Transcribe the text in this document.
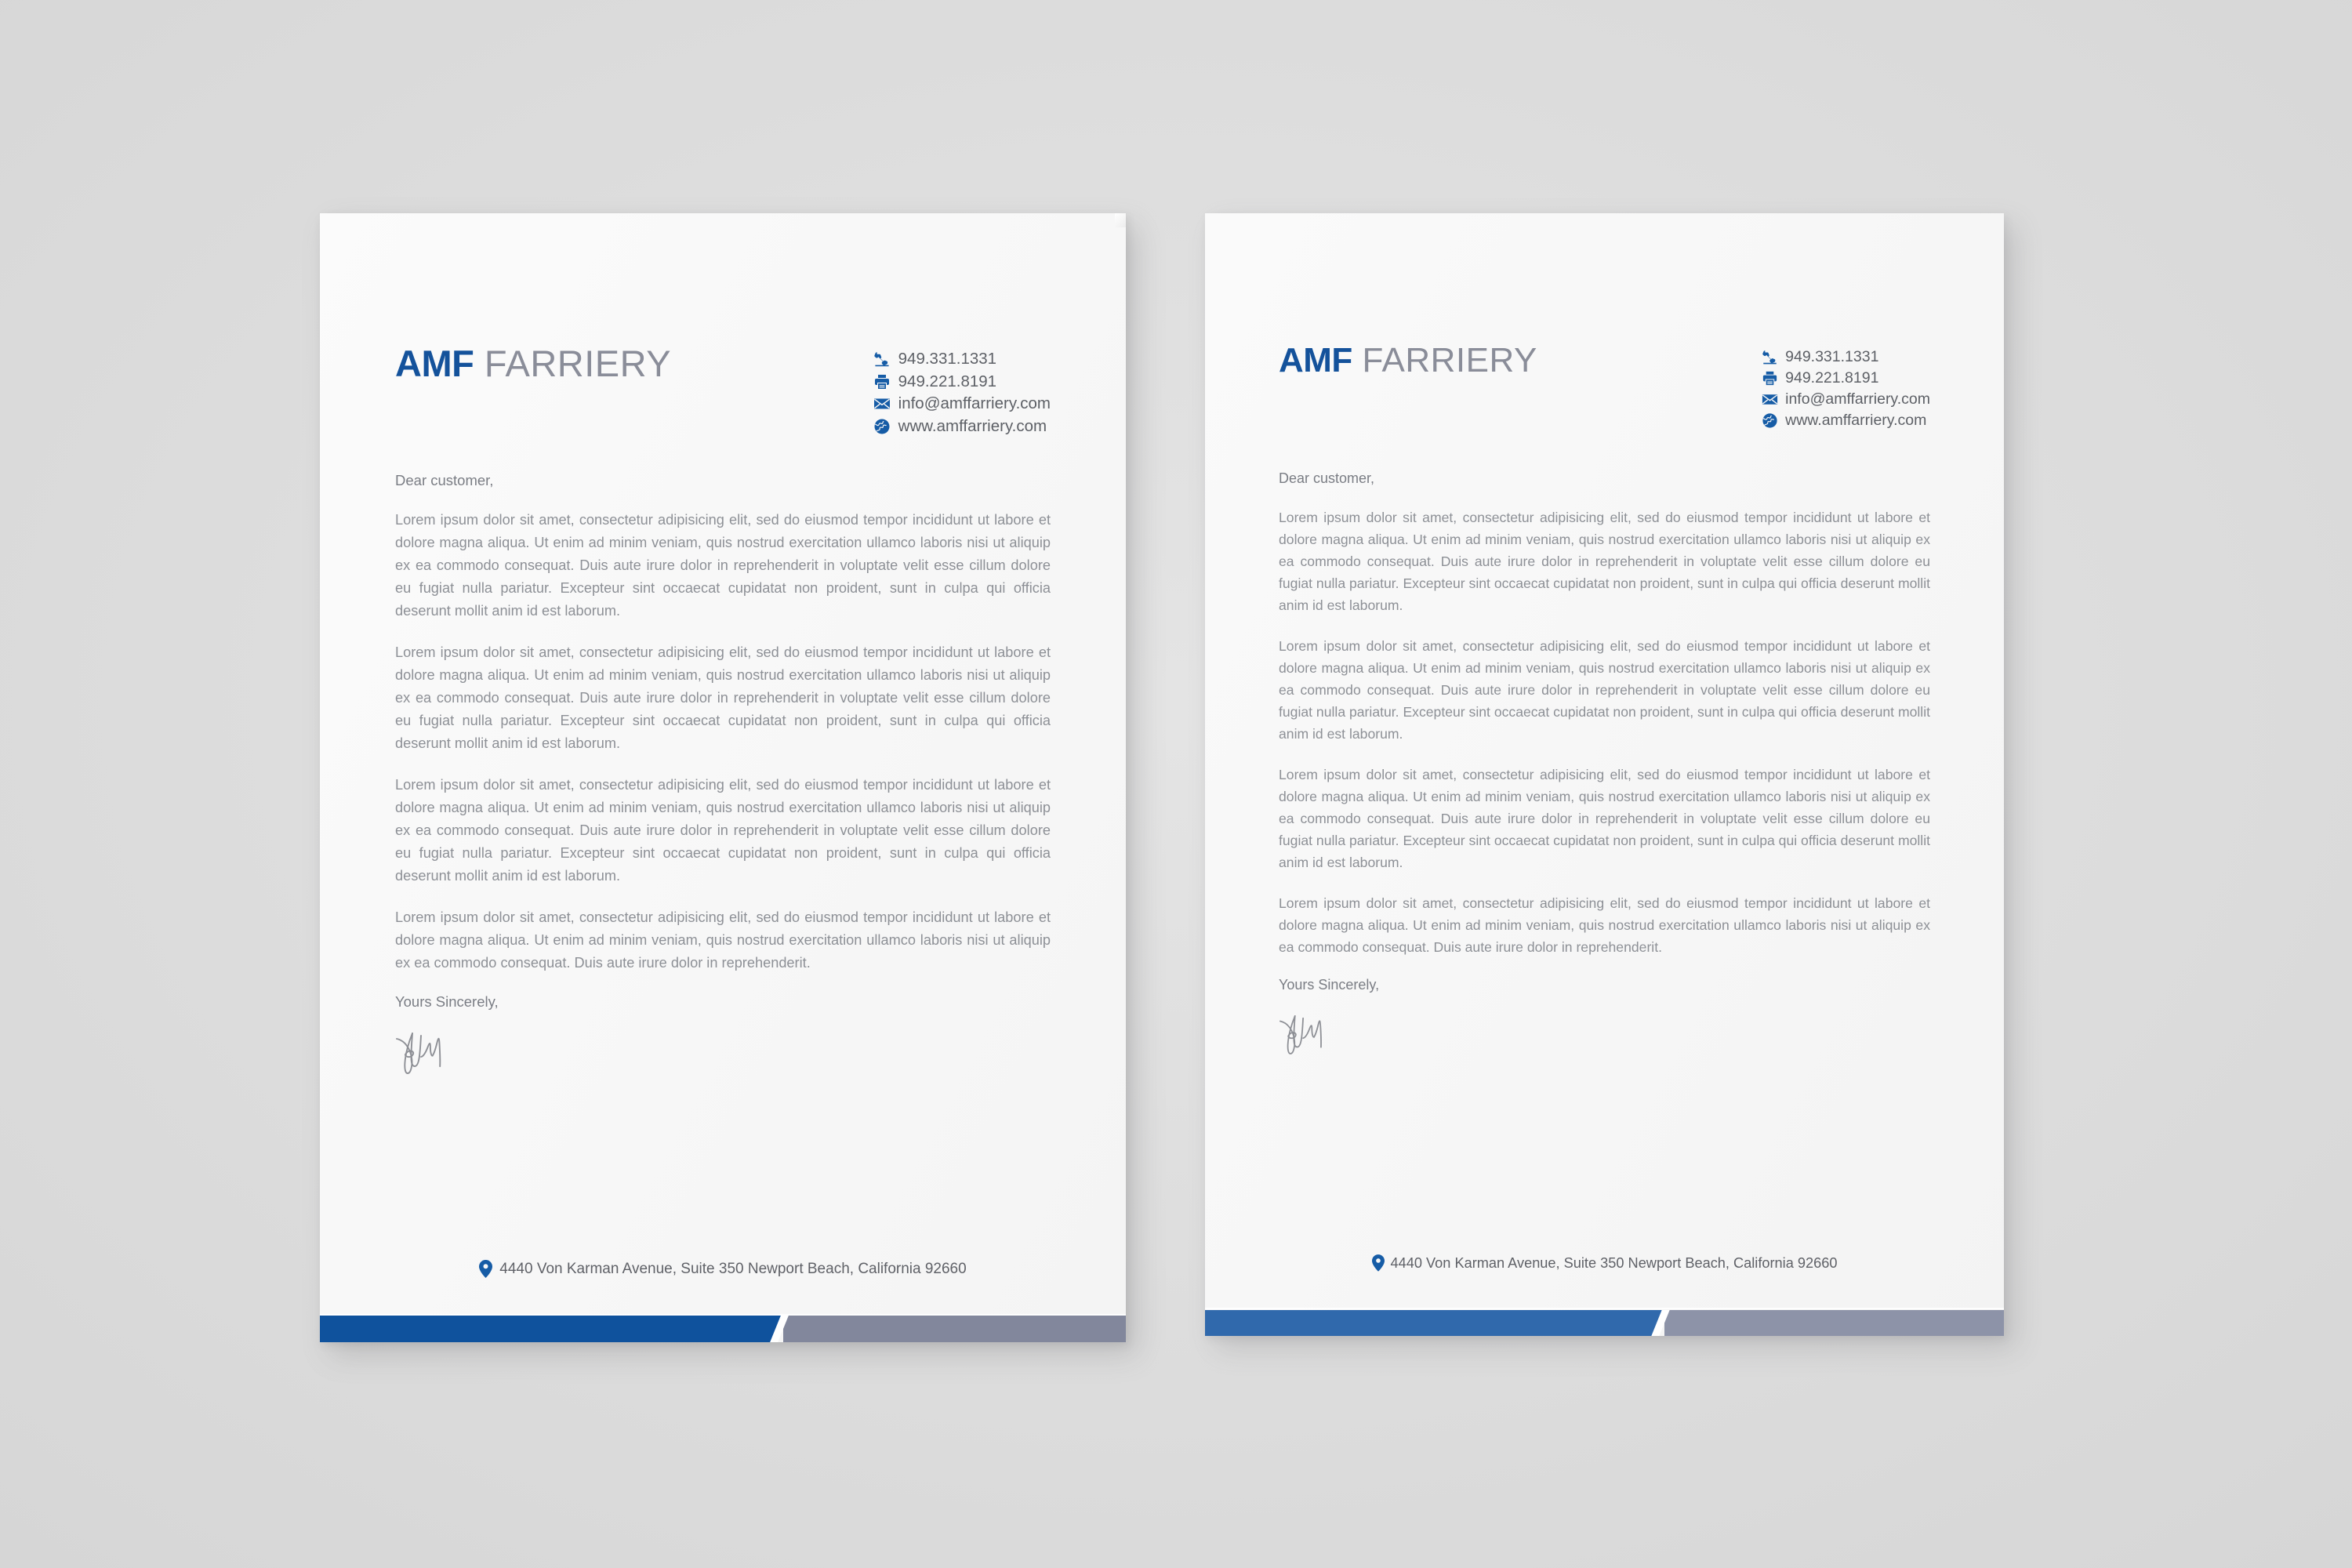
AMF FARRIERY	949.331.1331
949.221.8191
info@amffarriery.com
www.amffarriery.com
Dear customer,

Lorem ipsum dolor sit amet, consectetur adipisicing elit, sed do eiusmod tempor incididunt ut labore et dolore magna aliqua. Ut enim ad minim veniam, quis nostrud exercitation ullamco laboris nisi ut aliquip ex ea commodo consequat. Duis aute irure dolor in reprehenderit in voluptate velit esse cillum dolore eu fugiat nulla pariatur. Excepteur sint occaecat cupidatat non proident, sunt in culpa qui officia deserunt mollit anim id est laborum.

Lorem ipsum dolor sit amet, consectetur adipisicing elit, sed do eiusmod tempor incididunt ut labore et dolore magna aliqua. Ut enim ad minim veniam, quis nostrud exercitation ullamco laboris nisi ut aliquip ex ea commodo consequat. Duis aute irure dolor in reprehenderit in voluptate velit esse cillum dolore eu fugiat nulla pariatur. Excepteur sint occaecat cupidatat non proident, sunt in culpa qui officia deserunt mollit anim id est laborum.

Lorem ipsum dolor sit amet, consectetur adipisicing elit, sed do eiusmod tempor incididunt ut labore et dolore magna aliqua. Ut enim ad minim veniam, quis nostrud exercitation ullamco laboris nisi ut aliquip ex ea commodo consequat. Duis aute irure dolor in reprehenderit in voluptate velit esse cillum dolore eu fugiat nulla pariatur. Excepteur sint occaecat cupidatat non proident, sunt in culpa qui officia deserunt mollit anim id est laborum.

Lorem ipsum dolor sit amet, consectetur adipisicing elit, sed do eiusmod tempor incididunt ut labore et dolore magna aliqua. Ut enim ad minim veniam, quis nostrud exercitation ullamco laboris nisi ut aliquip ex ea commodo consequat. Duis aute irure dolor in reprehenderit.

Yours Sincerely,
4440 Von Karman Avenue, Suite 350 Newport Beach, California 92660
AMF FARRIERY	949.331.1331
949.221.8191
info@amffarriery.com
www.amffarriery.com
Dear customer,

Lorem ipsum dolor sit amet, consectetur adipisicing elit, sed do eiusmod tempor incididunt ut labore et dolore magna aliqua. Ut enim ad minim veniam, quis nostrud exercitation ullamco laboris nisi ut aliquip ex ea commodo consequat. Duis aute irure dolor in reprehenderit in voluptate velit esse cillum dolore eu fugiat nulla pariatur. Excepteur sint occaecat cupidatat non proident, sunt in culpa qui officia deserunt mollit anim id est laborum.

Lorem ipsum dolor sit amet, consectetur adipisicing elit, sed do eiusmod tempor incididunt ut labore et dolore magna aliqua. Ut enim ad minim veniam, quis nostrud exercitation ullamco laboris nisi ut aliquip ex ea commodo consequat. Duis aute irure dolor in reprehenderit in voluptate velit esse cillum dolore eu fugiat nulla pariatur. Excepteur sint occaecat cupidatat non proident, sunt in culpa qui officia deserunt mollit anim id est laborum.

Lorem ipsum dolor sit amet, consectetur adipisicing elit, sed do eiusmod tempor incididunt ut labore et dolore magna aliqua. Ut enim ad minim veniam, quis nostrud exercitation ullamco laboris nisi ut aliquip ex ea commodo consequat. Duis aute irure dolor in reprehenderit in voluptate velit esse cillum dolore eu fugiat nulla pariatur. Excepteur sint occaecat cupidatat non proident, sunt in culpa qui officia deserunt mollit anim id est laborum.

Lorem ipsum dolor sit amet, consectetur adipisicing elit, sed do eiusmod tempor incididunt ut labore et dolore magna aliqua. Ut enim ad minim veniam, quis nostrud exercitation ullamco laboris nisi ut aliquip ex ea commodo consequat. Duis aute irure dolor in reprehenderit.

Yours Sincerely,
4440 Von Karman Avenue, Suite 350 Newport Beach, California 92660
